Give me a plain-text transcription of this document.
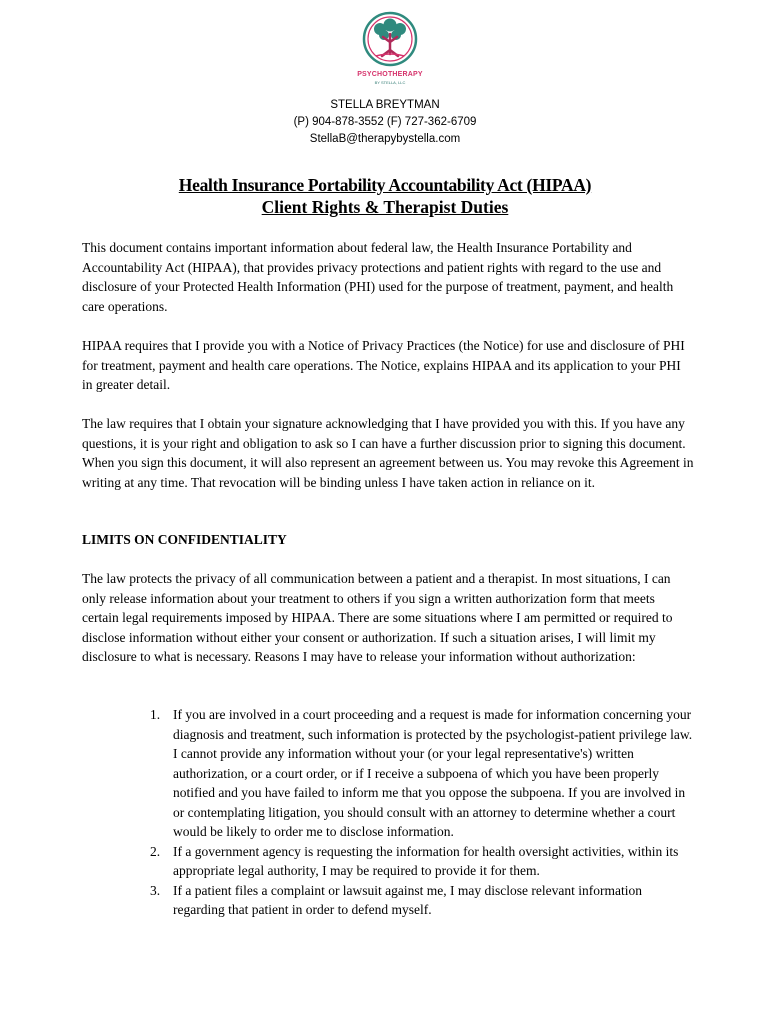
PSYCHOTHERAPY
BY STELLA, LLC
STELLA BREYTMAN
(P) 904-878-3552 (F) 727-362-6709
StellaB@therapybystella.com
Health Insurance Portability Accountability Act (HIPAA)
Client Rights & Therapist Duties

This document contains important information about federal law, the Health Insurance Portability and Accountability Act (HIPAA), that provides privacy protections and patient rights with regard to the use and disclosure of your Protected Health Information (PHI) used for the purpose of treatment, payment, and health care operations.

HIPAA requires that I provide you with a Notice of Privacy Practices (the Notice) for use and disclosure of PHI for treatment, payment and health care operations. The Notice, explains HIPAA and its application to your PHI in greater detail.

The law requires that I obtain your signature acknowledging that I have provided you with this. If you have any questions, it is your right and obligation to ask so I can have a further discussion prior to signing this document. When you sign this document, it will also represent an agreement between us. You may revoke this Agreement in writing at any time. That revocation will be binding unless I have taken action in reliance on it.

LIMITS ON CONFIDENTIALITY

The law protects the privacy of all communication between a patient and a therapist. In most situations, I can only release information about your treatment to others if you sign a written authorization form that meets certain legal requirements imposed by HIPAA. There are some situations where I am permitted or required to disclose information without either your consent or authorization. If such a situation arises, I will limit my disclosure to what is necessary. Reasons I may have to release your information without authorization:

1. If you are involved in a court proceeding and a request is made for information concerning your diagnosis and treatment, such information is protected by the psychologist-patient privilege law. I cannot provide any information without your (or your legal representative's) written authorization, or a court order, or if I receive a subpoena of which you have been properly notified and you have failed to inform me that you oppose the subpoena. If you are involved in or contemplating litigation, you should consult with an attorney to determine whether a court would be likely to order me to disclose information.
2. If a government agency is requesting the information for health oversight activities, within its appropriate legal authority, I may be required to provide it for them.
3. If a patient files a complaint or lawsuit against me, I may disclose relevant information regarding that patient in order to defend myself.
